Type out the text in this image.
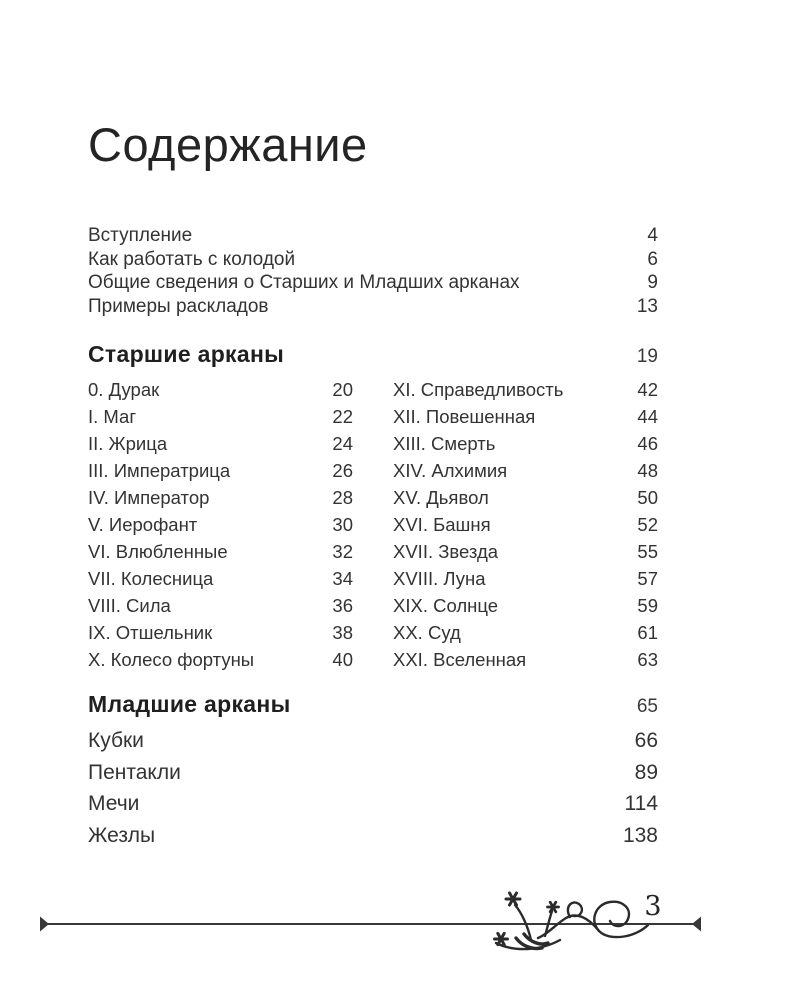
Содержание
Вступление	4
Как работать с колодой	6
Общие сведения о Старших и Младших арканах	9
Примеры раскладов	13
Старшие арканы	19
0. Дурак	20
I. Маг	22
II. Жрица	24
III. Императрица	26
IV. Император	28
V. Иерофант	30
VI. Влюбленные	32
VII. Колесница	34
VIII. Сила	36
IX. Отшельник	38
X. Колесо фортуны	40
XI. Справедливость	42
XII. Повешенная	44
XIII. Смерть	46
XIV. Алхимия	48
XV. Дьявол	50
XVI. Башня	52
XVII. Звезда	55
XVIII. Луна	57
XIX. Солнце	59
XX. Суд	61
XXI. Вселенная	63
Младшие арканы	65
Кубки	66
Пентакли	89
Мечи	114
Жезлы	138
3
